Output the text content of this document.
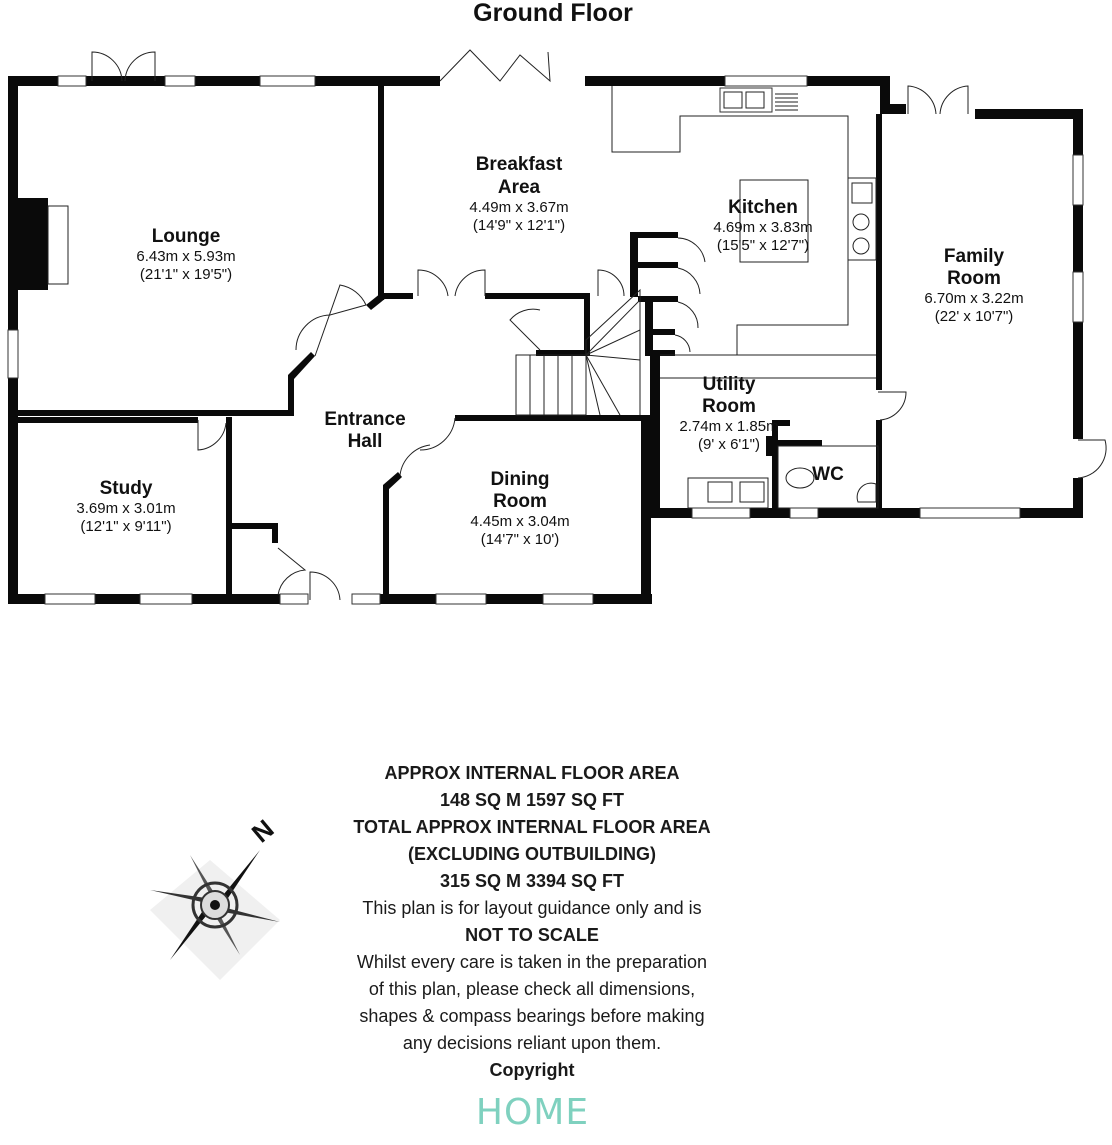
Ground Floor
Lounge
6.43m x 5.93m
(21'1" x 19'5")
Breakfast
Area
4.49m x 3.67m
(14'9" x 12'1")
Kitchen
4.69m x 3.83m
(15'5" x 12'7")
Family
Room
6.70m x 3.22m
(22' x 10'7")
Entrance
Hall
Utility
Room
2.74m x 1.85m
(9' x 6'1")
WC
Study
3.69m x 3.01m
(12'1" x 9'11")
Dining
Room
4.45m x 3.04m
(14'7" x 10')
N
APPROX INTERNAL FLOOR AREA
148 SQ M 1597 SQ FT
TOTAL APPROX INTERNAL FLOOR AREA
(EXCLUDING OUTBUILDING)
315 SQ M 3394 SQ FT
This plan is for layout guidance only and is
NOT TO SCALE
Whilst every care is taken in the preparation
of this plan, please check all dimensions,
shapes & compass bearings before making
any decisions reliant upon them.
Copyright
HOME
